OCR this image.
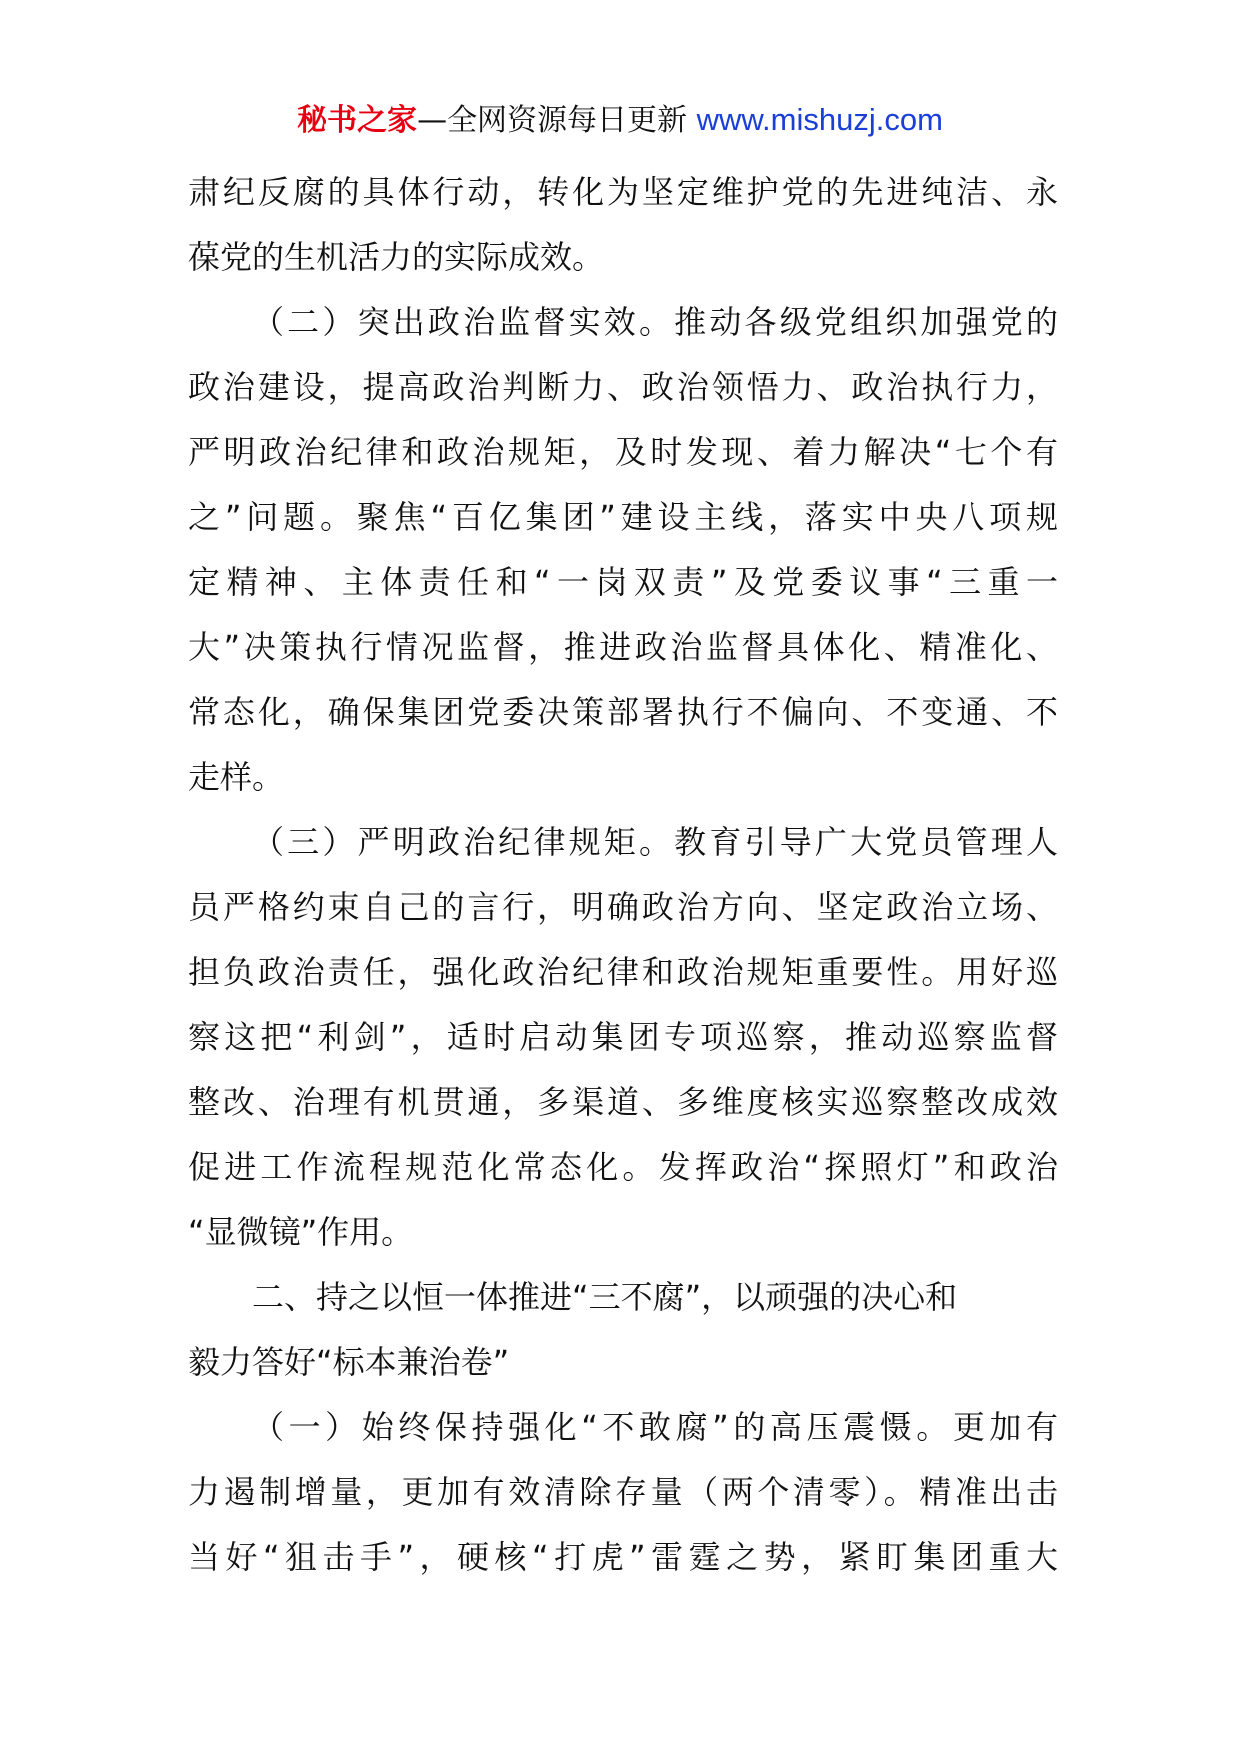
秘书之家—全网资源每日更新 www.mishuzj.com
肃纪反腐的具体行动，转化为坚定维护党的先进纯洁、永
葆党的生机活力的实际成效。
（二）突出政治监督实效。推动各级党组织加强党的
政治建设，提高政治判断力、政治领悟力、政治执行力，
严明政治纪律和政治规矩，及时发现、着力解决“七个有
之”问题。聚焦“百亿集团”建设主线，落实中央八项规
定精神、主体责任和“一岗双责”及党委议事“三重一
大”决策执行情况监督，推进政治监督具体化、精准化、
常态化，确保集团党委决策部署执行不偏向、不变通、不
走样。
（三）严明政治纪律规矩。教育引导广大党员管理人
员严格约束自己的言行，明确政治方向、坚定政治立场、
担负政治责任，强化政治纪律和政治规矩重要性。用好巡
察这把“利剑”，适时启动集团专项巡察，推动巡察监督
整改、治理有机贯通，多渠道、多维度核实巡察整改成效
促进工作流程规范化常态化。发挥政治“探照灯”和政治
“显微镜”作用。
二、持之以恒一体推进“三不腐”，以顽强的决心和
毅力答好“标本兼治卷”
（一）始终保持强化“不敢腐”的高压震慑。更加有
力遏制增量，更加有效清除存量（两个清零）。精准出击
当好“狙击手”，硬核“打虎”雷霆之势，紧盯集团重大
